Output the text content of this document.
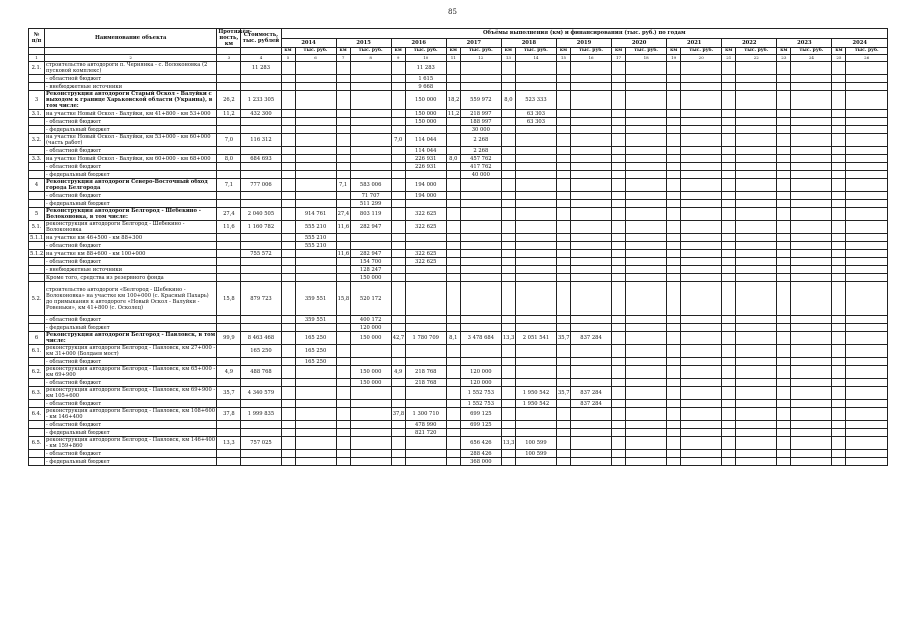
85
№ п/п	Наименование объекта	Протяжён-ность, км	Стоимость, тыс. рублей	Объёмы выполнения (км) и финансирования (тыс. руб.) по годам																					
				2014		2015		2016		2017		2018		2019		2020		2021		2022		2023		2024	
				км	тыс. руб.	км	тыс. руб.	км	тыс. руб.	км	тыс. руб.	км	тыс. руб.	км	тыс. руб.	км	тыс. руб.	км	тыс. руб.	км	тыс. руб.	км	тыс. руб.	км	тыс. руб.
1	2	3	4	5	6	7	8	9	10	11	12	13	14	15	16	17	18	19	20	21	22	23	24	25	26
2.1.	строительство автодороги п. Чернянка - с. Волоконовка (2 пусковой комплекс)		11 283						11 283																
	- областной бюджет								1 615																
	- внебюджетные источники								9 668																
3	Реконструкция автодороги Старый Оскол - Валуйки с выходом к границе Харьковской области (Украина), в том числе:	26,2	1 233 305						150 000	18,2	559 972	8,0	523 333												
3.1.	на участке Новый Оскол - Валуйки, км 41+800 - км 53+000	11,2	432 300						150 000	11,2	218 997		63 303												
	- областной бюджет								150 000		188 997		63 303												
	- федеральный бюджет										30 000														
3.2.	на участке Новый Оскол - Валуйки, км 53+000 - км 60+000 (часть работ)	7,0	116 312					7,0	114 044		2 268														
	- областной бюджет								114 044		2 268														
3.3.	на участке Новый Оскол - Валуйки, км 60+000 - км 68+000	8,0	684 693						226 931	8,0	457 762														
	- областной бюджет								226 931		417 762														
	- федеральный бюджет										40 000														
4	Реконструкция автодороги Северо-Восточный обход города Белгорода	7,1	777 006			7,1	583 006		194 000																
	- областной бюджет						71 707		194 000																
	- федеральный бюджет						511 299																		
5	Реконструкция автодороги Белгород - Шебекино - Волоконовка, в том числе:	27,4	2 040 505		914 761	27,4	803 119		322 625																
5.1.	реконструкция автодороги Белгород - Шебекино - Волоконовка	11,6	1 160 782		555 210	11,6	282 947		322 625																
5.1.1.	на участке км 46+500 - км 88+300				555 210																				
	- областной бюджет				555 210																				
5.1.2.	на участке км 88+600 - км 100+000		755 572			11,6	282 947		322 625																
	- областной бюджет						154 700		322 625																
	- внебюджетные источники						128 247																		
	Кроме того, средства из резервного фонда						150 000																		
5.2.	строительство автодороги «Белгород - Шебекино - Волоконовка» на участке км 100+000 (с. Красный Пахарь) до примыкания к автодороге «Новый Оскол - Валуйки - Ровеньки», км 41+800 (с. Осколец)	15,8	879 723		359 551	15,8	520 172																		
	- областной бюджет				359 551		400 172																		
	- федеральный бюджет						120 000																		
6	Реконструкция автодороги Белгород - Павловск, в том числе:	99,9	8 463 468		165 250		150 000	42,7	1 780 709	8,1	3 478 684	13,3	2 051 541	35,7	837 284										
6.1.	реконструкция автодороги Белгород - Павловск, км 27+000 - км 31+000 (Болдаев мост)		165 250		165 250																				
	- областной бюджет				165 250																				
6.2.	реконструкция автодороги Белгород - Павловск, км 65+000 - км 69+900	4,9	488 768				150 000	4,9	218 768		120 000														
	- областной бюджет						150 000		218 768		120 000														
6.3.	реконструкция автодороги Белгород - Павловск, км 69+900 - км 105+600	35,7	4 340 579								1 552 753		1 950 542	35,7	837 284										
	- областной бюджет										1 552 753		1 950 542		837 284										
6.4.	реконструкция автодороги Белгород - Павловск, км 108+600 - км 146+400	37,8	1 999 835					37,8	1 300 710		699 125														
	- областной бюджет								478 990		699 125														
	- федеральный бюджет								821 720																
6.5.	реконструкция автодороги Белгород - Павловск, км 146+400 - км 159+860	13,3	757 025								656 426	13,3	100 599												
	- областной бюджет										288 426		100 599												
	- федеральный бюджет										368 000														
